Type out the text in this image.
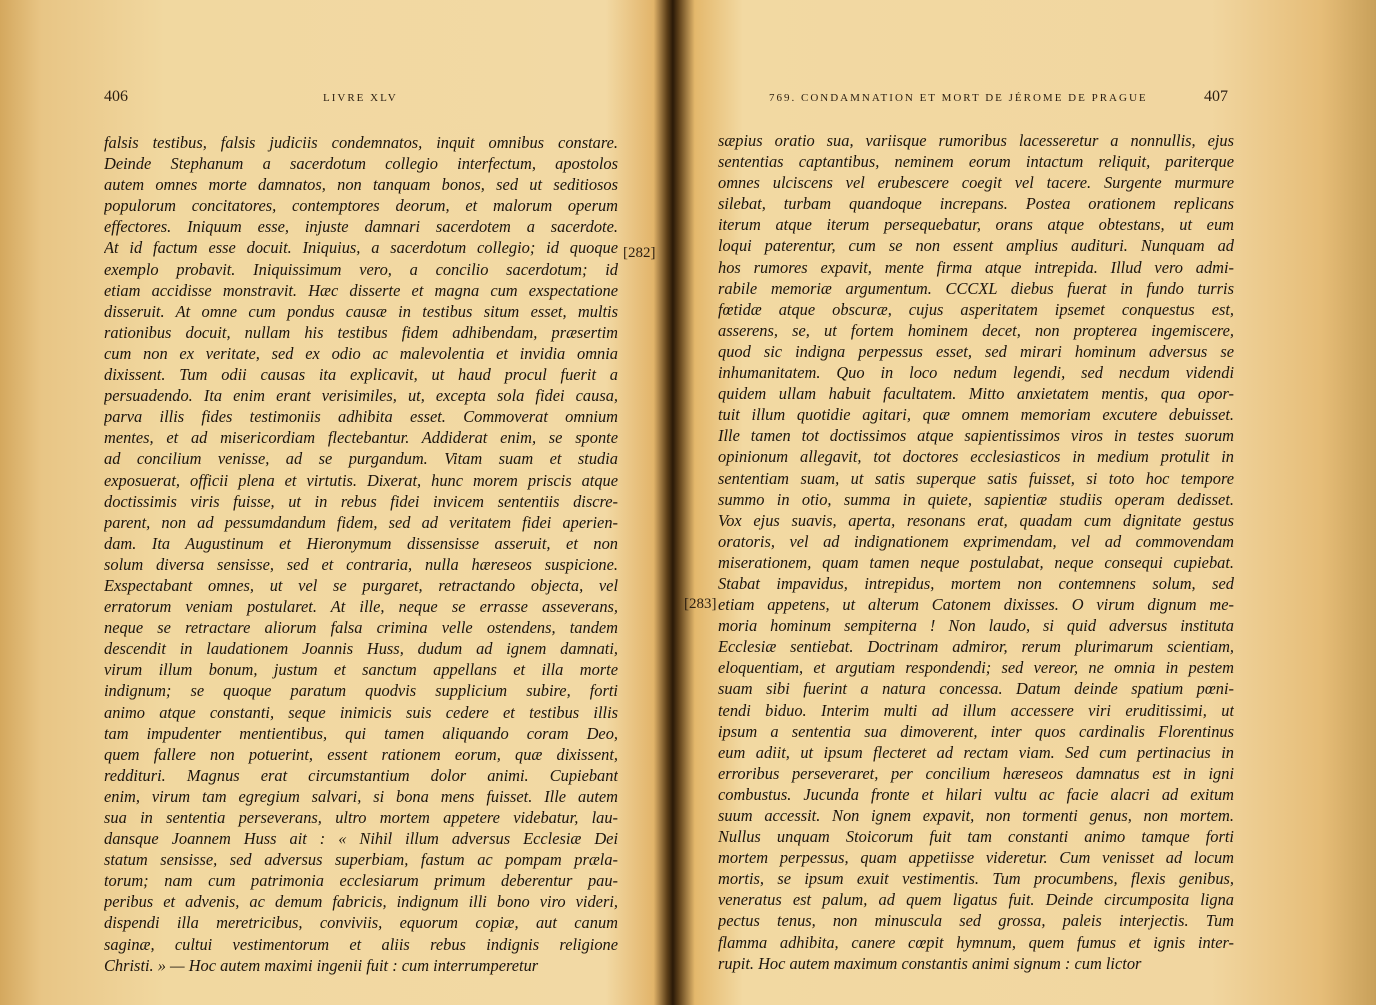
406	LIVRE XLV
falsis testibus, falsis judiciis condemnatos, inquit omnibus constare.
Deinde Stephanum a sacerdotum collegio interfectum, apostolos
autem omnes morte damnatos, non tanquam bonos, sed ut seditiosos
populorum concitatores, contemptores deorum, et malorum operum
effectores. Iniquum esse, injuste damnari sacerdotem a sacerdote.
At id factum esse docuit. Iniquius, a sacerdotum collegio; id quoque
exemplo probavit. Iniquissimum vero, a concilio sacerdotum; id
etiam accidisse monstravit. Hæc disserte et magna cum exspectatione
disseruit. At omne cum pondus causæ in testibus situm esset, multis
rationibus docuit, nullam his testibus fidem adhibendam, præsertim
cum non ex veritate, sed ex odio ac malevolentia et invidia omnia
dixissent. Tum odii causas ita explicavit, ut haud procul fuerit a
persuadendo. Ita enim erant verisimiles, ut, excepta sola fidei causa,
parva illis fides testimoniis adhibita esset. Commoverat omnium
mentes, et ad misericordiam flectebantur. Addiderat enim, se sponte
ad concilium venisse, ad se purgandum. Vitam suam et studia
exposuerat, officii plena et virtutis. Dixerat, hunc morem priscis atque
doctissimis viris fuisse, ut in rebus fidei invicem sententiis discre-
parent, non ad pessumdandum fidem, sed ad veritatem fidei aperien-
dam. Ita Augustinum et Hieronymum dissensisse asseruit, et non
solum diversa sensisse, sed et contraria, nulla hæreseos suspicione.
Exspectabant omnes, ut vel se purgaret, retractando objecta, vel
erratorum veniam postularet. At ille, neque se errasse asseverans,
neque se retractare aliorum falsa crimina velle ostendens, tandem
descendit in laudationem Joannis Huss, dudum ad ignem damnati,
virum illum bonum, justum et sanctum appellans et illa morte
indignum; se quoque paratum quodvis supplicium subire, forti
animo atque constanti, seque inimicis suis cedere et testibus illis
tam impudenter mentientibus, qui tamen aliquando coram Deo,
quem fallere non potuerint, essent rationem eorum, quæ dixissent,
reddituri. Magnus erat circumstantium dolor animi. Cupiebant
enim, virum tam egregium salvari, si bona mens fuisset. Ille autem
sua in sententia perseverans, ultro mortem appetere videbatur, lau-
dansque Joannem Huss ait : « Nihil illum adversus Ecclesiæ Dei
statum sensisse, sed adversus superbiam, fastum ac pompam præla-
torum; nam cum patrimonia ecclesiarum primum deberentur pau-
peribus et advenis, ac demum fabricis, indignum illi bono viro videri,
dispendi illa meretricibus, conviviis, equorum copiæ, aut canum
saginæ, cultui vestimentorum et aliis rebus indignis religione
Christi. » — Hoc autem maximi ingenii fuit : cum interrumperetur
[282]
769. CONDAMNATION ET MORT DE JÉROME DE PRAGUE	407
sæpius oratio sua, variisque rumoribus lacesseretur a nonnullis, ejus
sententias captantibus, neminem eorum intactum reliquit, pariterque
omnes ulciscens vel erubescere coegit vel tacere. Surgente murmure
silebat, turbam quandoque increpans. Postea orationem replicans
iterum atque iterum persequebatur, orans atque obtestans, ut eum
loqui paterentur, cum se non essent amplius audituri. Nunquam ad
hos rumores expavit, mente firma atque intrepida. Illud vero admi-
rabile memoriæ argumentum. CCCXL diebus fuerat in fundo turris
fœtidæ atque obscuræ, cujus asperitatem ipsemet conquestus est,
asserens, se, ut fortem hominem decet, non propterea ingemiscere,
quod sic indigna perpessus esset, sed mirari hominum adversus se
inhumanitatem. Quo in loco nedum legendi, sed necdum videndi
quidem ullam habuit facultatem. Mitto anxietatem mentis, qua opor-
tuit illum quotidie agitari, quæ omnem memoriam excutere debuisset.
Ille tamen tot doctissimos atque sapientissimos viros in testes suorum
opinionum allegavit, tot doctores ecclesiasticos in medium protulit in
sententiam suam, ut satis superque satis fuisset, si toto hoc tempore
summo in otio, summa in quiete, sapientiæ studiis operam dedisset.
Vox ejus suavis, aperta, resonans erat, quadam cum dignitate gestus
oratoris, vel ad indignationem exprimendam, vel ad commovendam
miserationem, quam tamen neque postulabat, neque consequi cupiebat.
Stabat impavidus, intrepidus, mortem non contemnens solum, sed
etiam appetens, ut alterum Catonem dixisses. O virum dignum me-
moria hominum sempiterna ! Non laudo, si quid adversus instituta
Ecclesiæ sentiebat. Doctrinam admiror, rerum plurimarum scientiam,
eloquentiam, et argutiam respondendi; sed vereor, ne omnia in pestem
suam sibi fuerint a natura concessa. Datum deinde spatium pœni-
tendi biduo. Interim multi ad illum accessere viri eruditissimi, ut
ipsum a sententia sua dimoverent, inter quos cardinalis Florentinus
eum adiit, ut ipsum flecteret ad rectam viam. Sed cum pertinacius in
erroribus perseveraret, per concilium hæreseos damnatus est in igni
combustus. Jucunda fronte et hilari vultu ac facie alacri ad exitum
suum accessit. Non ignem expavit, non tormenti genus, non mortem.
Nullus unquam Stoicorum fuit tam constanti animo tamque forti
mortem perpessus, quam appetiisse videretur. Cum venisset ad locum
mortis, se ipsum exuit vestimentis. Tum procumbens, flexis genibus,
veneratus est palum, ad quem ligatus fuit. Deinde circumposita ligna
pectus tenus, non minuscula sed grossa, paleis interjectis. Tum
flamma adhibita, canere cœpit hymnum, quem fumus et ignis inter-
rupit. Hoc autem maximum constantis animi signum : cum lictor
[283]
